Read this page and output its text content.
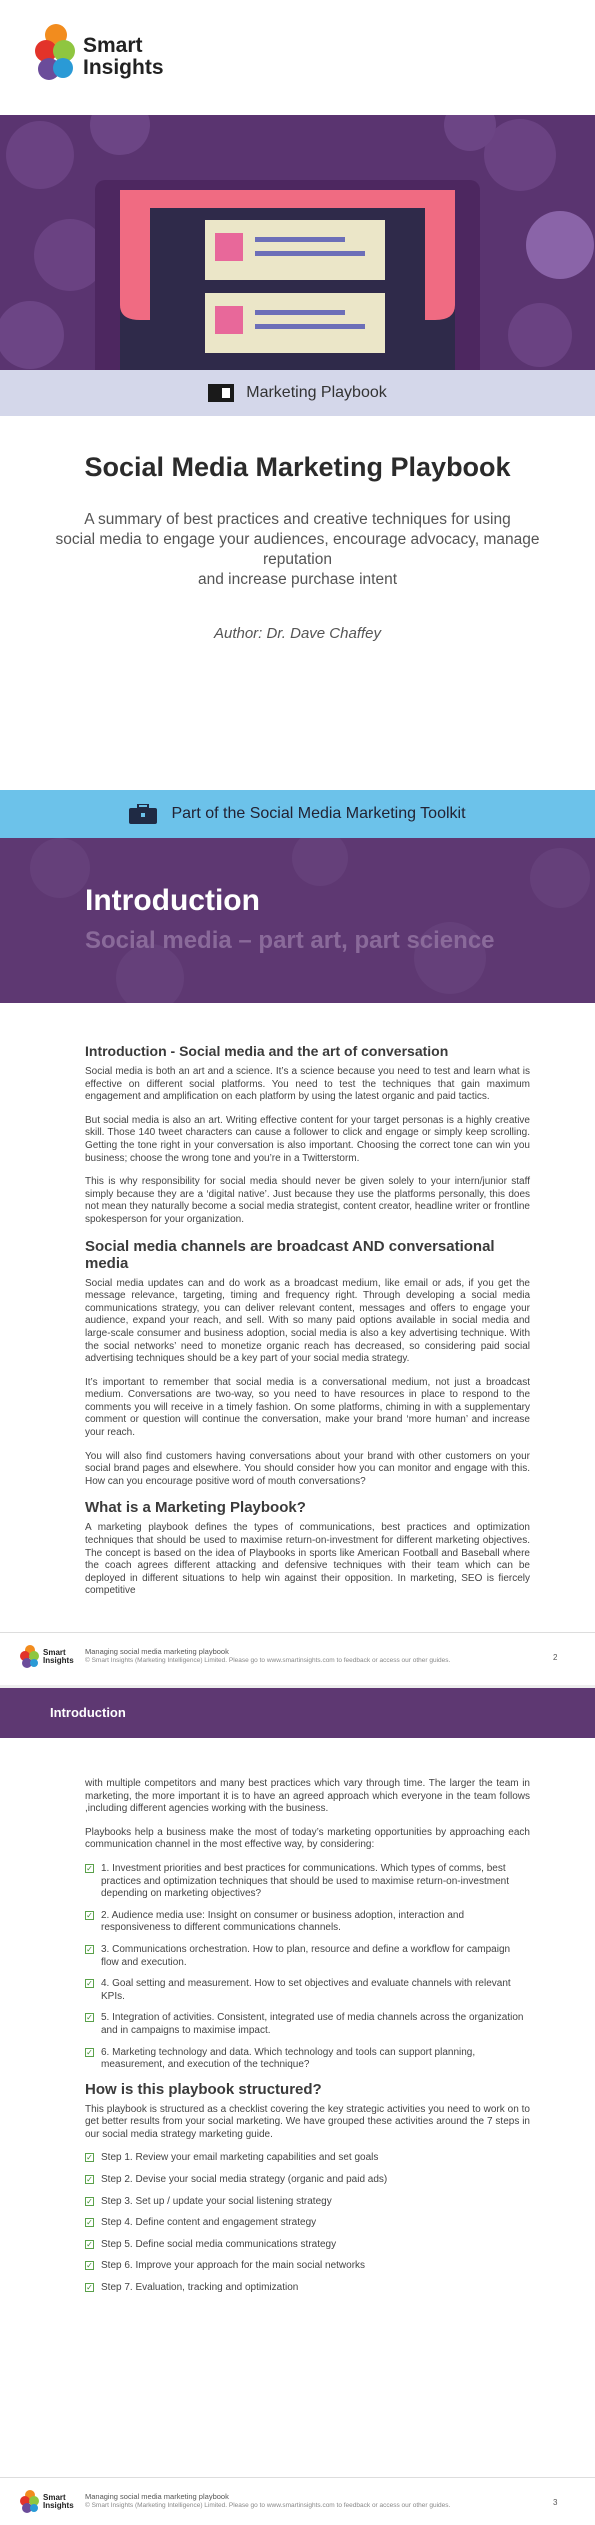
Smart
Insights
Marketing Playbook
Social Media Marketing Playbook
A summary of best practices and creative techniques for using
social media to engage your audiences, encourage advocacy, manage reputation
and increase purchase intent
Author: Dr. Dave Chaffey
Part of the Social Media Marketing Toolkit
Introduction
Social media – part art, part science
Introduction - Social media and the art of conversation

Social media is both an art and a science. It’s a science because you need to test and learn what is effective on different social platforms. You need to test the techniques that gain maximum engagement and amplification on each platform by using the latest organic and paid tactics.

But social media is also an art. Writing effective content for your target personas is a highly creative skill. Those 140 tweet characters can cause a follower to click and engage or simply keep scrolling. Getting the tone right in your conversation is also important. Choosing the correct tone can win you business; choose the wrong tone and you’re in a Twitterstorm.

This is why responsibility for social media should never be given solely to your intern/junior staff simply because they are a ‘digital native’. Just because they use the platforms personally, this does not mean they naturally become a social media strategist, content creator, headline writer or frontline spokesperson for your organization.

Social media channels are broadcast AND conversational media

Social media updates can and do work as a broadcast medium, like email or ads, if you get the message relevance, targeting, timing and frequency right. Through developing a social media communications strategy, you can deliver relevant content, messages and offers to engage your audience, expand your reach, and sell. With so many paid options available in social media and large-scale consumer and business adoption, social media is also a key advertising technique. With the social networks’ need to monetize organic reach has decreased, so considering paid social advertising techniques should be a key part of your social media strategy.

It’s important to remember that social media is a conversational medium, not just a broadcast medium. Conversations are two-way, so you need to have resources in place to respond to the comments you will receive in a timely fashion. On some platforms, chiming in with a supplementary comment or question will continue the conversation, make your brand ‘more human’ and increase your reach.

You will also find customers having conversations about your brand with other customers on your social brand pages and elsewhere. You should consider how you can monitor and engage with this. How can you encourage positive word of mouth conversations?

What is a Marketing Playbook?

A marketing playbook defines the types of communications, best practices and optimization techniques that should be used to maximise return-on-investment for different marketing objectives. The concept is based on the idea of Playbooks in sports like American Football and Baseball where the coach agrees different attacking and defensive techniques with their team which can be deployed in different situations to help win against their opposition. In marketing, SEO is fiercely competitive

Smart
Insights
Managing social media marketing playbook
© Smart Insights (Marketing Intelligence) Limited. Please go to www.smartinsights.com to feedback or access our other guides.	2
Introduction

with multiple competitors and many best practices which vary through time. The larger the team in marketing, the more important it is to have an agreed approach which everyone in the team follows ,including different agencies working with the business.

Playbooks help a business make the most of today’s marketing opportunities by approaching each communication channel in the most effective way, by considering:

✓ 1. Investment priorities and best practices for communications. Which types of comms, best practices and optimization techniques that should be used to maximise return-on-investment depending on marketing objectives?
✓ 2. Audience media use: Insight on consumer or business adoption, interaction and responsiveness to different communications channels.
✓ 3. Communications orchestration. How to plan, resource and define a workflow for campaign flow and execution.
✓ 4. Goal setting and measurement. How to set objectives and evaluate channels with relevant KPIs.
✓ 5. Integration of activities. Consistent, integrated use of media channels across the organization and in campaigns to maximise impact.
✓ 6. Marketing technology and data. Which technology and tools can support planning, measurement, and execution of the technique?
How is this playbook structured?

This playbook is structured as a checklist covering the key strategic activities you need to work on to get better results from your social marketing. We have grouped these activities around the 7 steps in our social media strategy marketing guide.

✓ Step 1. Review your email marketing capabilities and set goals
✓ Step 2. Devise your social media strategy (organic and paid ads)
✓ Step 3. Set up / update your social listening strategy
✓ Step 4. Define content and engagement strategy
✓ Step 5. Define social media communications strategy
✓ Step 6. Improve your approach for the main social networks
✓ Step 7. Evaluation, tracking and optimization
Smart
Insights
Managing social media marketing playbook
© Smart Insights (Marketing Intelligence) Limited. Please go to www.smartinsights.com to feedback or access our other guides.	3
